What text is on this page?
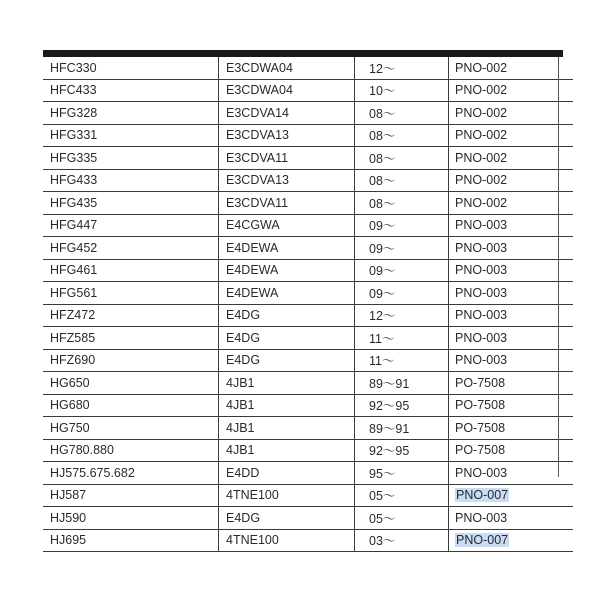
HFC330	E3CDWA04	12～	PNO-002
HFC433	E3CDWA04	10～	PNO-002
HFG328	E3CDVA14	08～	PNO-002
HFG331	E3CDVA13	08～	PNO-002
HFG335	E3CDVA11	08～	PNO-002
HFG433	E3CDVA13	08～	PNO-002
HFG435	E3CDVA11	08～	PNO-002
HFG447	E4CGWA	09～	PNO-003
HFG452	E4DEWA	09～	PNO-003
HFG461	E4DEWA	09～	PNO-003
HFG561	E4DEWA	09～	PNO-003
HFZ472	E4DG	12～	PNO-003
HFZ585	E4DG	11～	PNO-003
HFZ690	E4DG	11～	PNO-003
HG650	4JB1	89～91	PO-7508
HG680	4JB1	92～95	PO-7508
HG750	4JB1	89～91	PO-7508
HG780.880	4JB1	92～95	PO-7508
HJ575.675.682	E4DD	95～	PNO-003
HJ587	4TNE100	05～	PNO-007
HJ590	E4DG	05～	PNO-003
HJ695	4TNE100	03～	PNO-007
